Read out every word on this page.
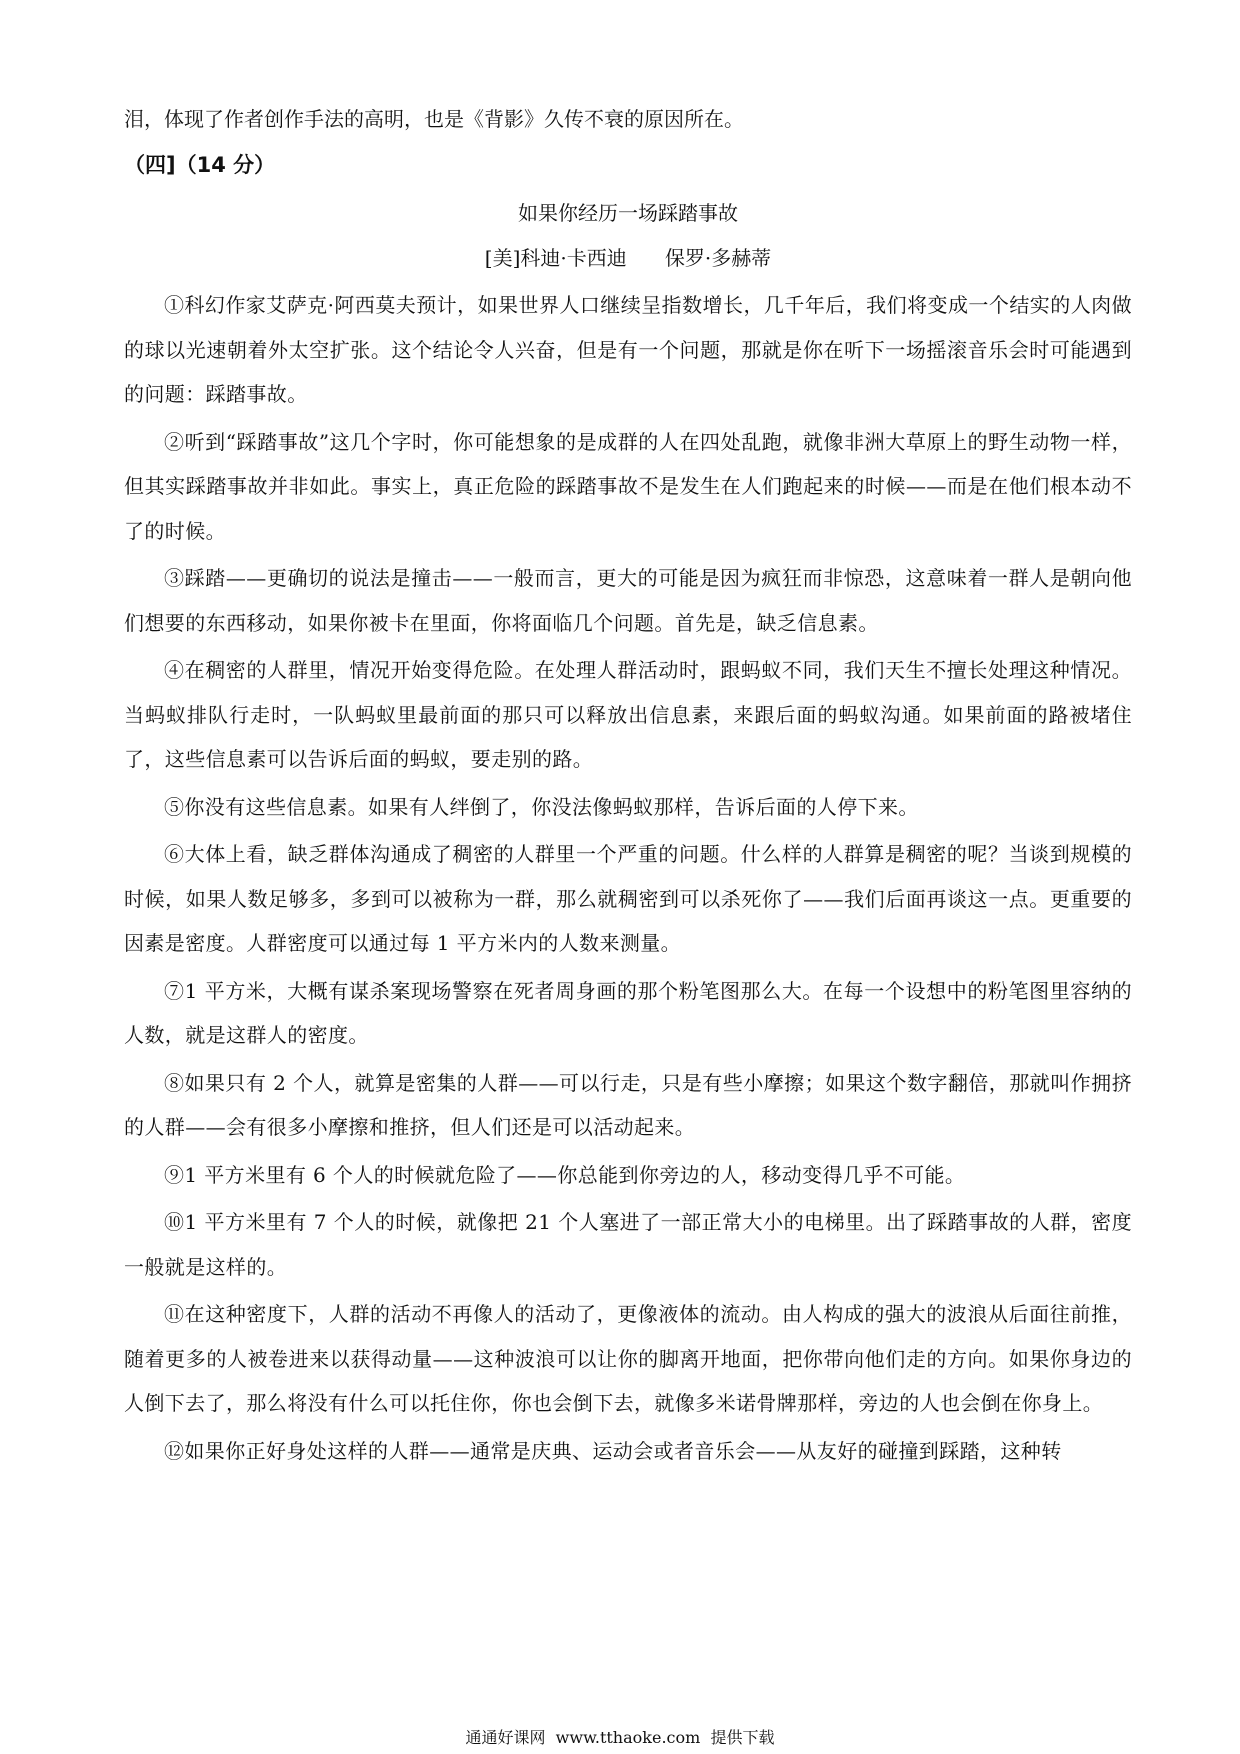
泪，体现了作者创作手法的高明，也是《背影》久传不衰的原因所在。

（四]（14 分）
如果你经历一场踩踏事故
[美]科迪·卡西迪      保罗·多赫蒂

①科幻作家艾萨克·阿西莫夫预计，如果世界人口继续呈指数增长，几千年后，我们将变成一个结实的人肉做的球以光速朝着外太空扩张。这个结论令人兴奋，但是有一个问题，那就是你在听下一场摇滚音乐会时可能遇到的问题：踩踏事故。

②听到“踩踏事故”这几个字时，你可能想象的是成群的人在四处乱跑，就像非洲大草原上的野生动物一样，但其实踩踏事故并非如此。事实上，真正危险的踩踏事故不是发生在人们跑起来的时候——而是在他们根本动不了的时候。

③踩踏——更确切的说法是撞击——一般而言，更大的可能是因为疯狂而非惊恐，这意味着一群人是朝向他们想要的东西移动，如果你被卡在里面，你将面临几个问题。首先是，缺乏信息素。

④在稠密的人群里，情况开始变得危险。在处理人群活动时，跟蚂蚁不同，我们天生不擅长处理这种情况。当蚂蚁排队行走时，一队蚂蚁里最前面的那只可以释放出信息素，来跟后面的蚂蚁沟通。如果前面的路被堵住了，这些信息素可以告诉后面的蚂蚁，要走别的路。

⑤你没有这些信息素。如果有人绊倒了，你没法像蚂蚁那样，告诉后面的人停下来。

⑥大体上看，缺乏群体沟通成了稠密的人群里一个严重的问题。什么样的人群算是稠密的呢？当谈到规模的时候，如果人数足够多，多到可以被称为一群，那么就稠密到可以杀死你了——我们后面再谈这一点。更重要的因素是密度。人群密度可以通过每 1 平方米内的人数来测量。

⑦1 平方米，大概有谋杀案现场警察在死者周身画的那个粉笔图那么大。在每一个设想中的粉笔图里容纳的人数，就是这群人的密度。

⑧如果只有 2 个人，就算是密集的人群——可以行走，只是有些小摩擦；如果这个数字翻倍，那就叫作拥挤的人群——会有很多小摩擦和推挤，但人们还是可以活动起来。

⑨1 平方米里有 6 个人的时候就危险了——你总能到你旁边的人，移动变得几乎不可能。

⑩1 平方米里有 7 个人的时候，就像把 21 个人塞进了一部正常大小的电梯里。出了踩踏事故的人群，密度一般就是这样的。

⑪在这种密度下，人群的活动不再像人的活动了，更像液体的流动。由人构成的强大的波浪从后面往前推，随着更多的人被卷进来以获得动量——这种波浪可以让你的脚离开地面，把你带向他们走的方向。如果你身边的人倒下去了，那么将没有什么可以托住你，你也会倒下去，就像多米诺骨牌那样，旁边的人也会倒在你身上。

⑫如果你正好身处这样的人群——通常是庆典、运动会或者音乐会——从友好的碰撞到踩踏，这种转

通通好课网  www.tthaoke.com  提供下载
